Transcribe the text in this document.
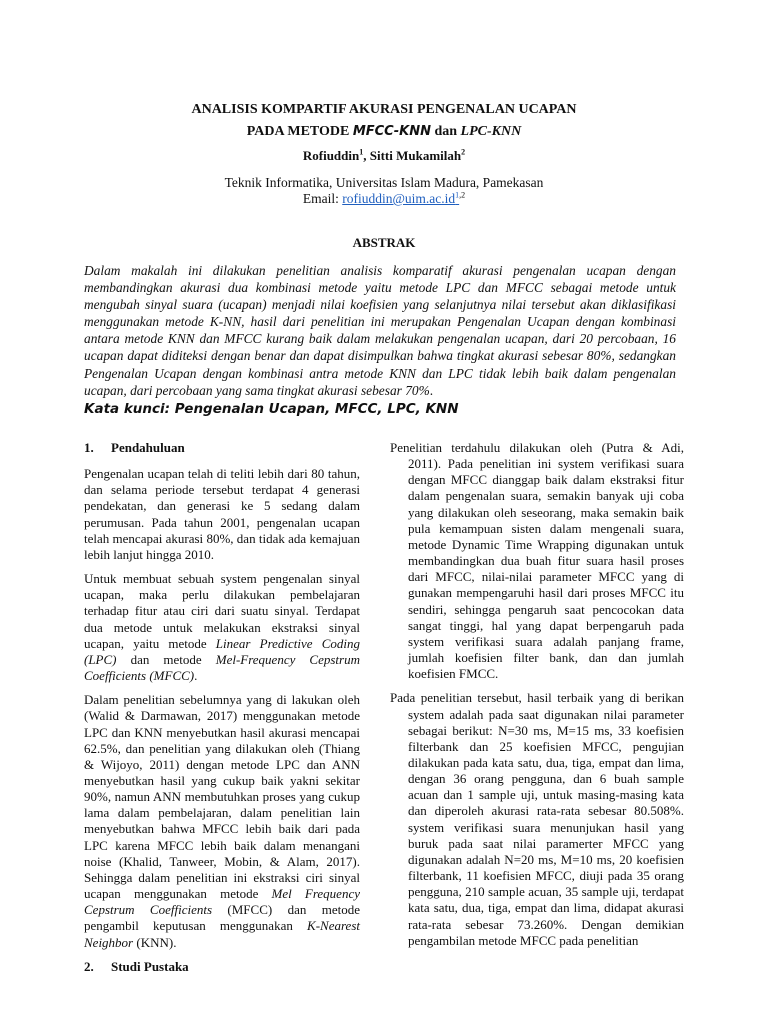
ANALISIS KOMPARTIF AKURASI PENGENALAN UCAPAN
PADA METODE MFCC-KNN dan LPC-KNN
Rofiuddin$^1$, Sitti Mukamilah$^2$
Teknik Informatika, Universitas Islam Madura, Pamekasan
Email: rofiuddin@uim.ac.id$^{1,2}$
ABSTRAK

Dalam makalah ini dilakukan penelitian analisis komparatif akurasi pengenalan ucapan dengan membandingkan akurasi dua kombinasi metode yaitu metode LPC dan MFCC sebagai metode untuk mengubah sinyal suara (ucapan) menjadi nilai koefisien yang selanjutnya nilai tersebut akan diklasifikasi menggunakan metode K-NN, hasil dari penelitian ini merupakan Pengenalan Ucapan dengan kombinasi antara metode KNN dan MFCC kurang baik dalam melakukan pengenalan ucapan, dari 20 percobaan, 16 ucapan dapat diditeksi dengan benar dan dapat disimpulkan bahwa tingkat akurasi sebesar 80%, sedangkan Pengenalan Ucapan dengan kombinasi antra metode KNN dan LPC tidak lebih baik dalam pengenalan ucapan, dari percobaan yang sama tingkat akurasi sebesar 70%.

Kata kunci: Pengenalan Ucapan, MFCC, LPC, KNN
1. Pendahuluan

Pengenalan ucapan telah di teliti lebih dari 80 tahun, dan selama periode tersebut terdapat 4 generasi pendekatan, dan generasi ke 5 sedang dalam perumusan. Pada tahun 2001, pengenalan ucapan telah mencapai akurasi 80%, dan tidak ada kemajuan lebih lanjut hingga 2010.

Untuk membuat sebuah system pengenalan sinyal ucapan, maka perlu dilakukan pembelajaran terhadap fitur atau ciri dari suatu sinyal. Terdapat dua metode untuk melakukan ekstraksi sinyal ucapan, yaitu metode Linear Predictive Coding (LPC) dan metode Mel-Frequency Cepstrum Coefficients (MFCC).

Dalam penelitian sebelumnya yang di lakukan oleh (Walid & Darmawan, 2017) menggunakan metode LPC dan KNN menyebutkan hasil akurasi mencapai 62.5%, dan penelitian yang dilakukan oleh (Thiang & Wijoyo, 2011) dengan metode LPC dan ANN menyebutkan hasil yang cukup baik yakni sekitar 90%, namun ANN membutuhkan proses yang cukup lama dalam pembelajaran, dalam penelitian lain menyebutkan bahwa MFCC lebih baik dari pada LPC karena MFCC lebih baik dalam menangani noise (Khalid, Tanweer, Mobin, & Alam, 2017). Sehingga dalam penelitian ini ekstraksi ciri sinyal ucapan menggunakan metode Mel Frequency Cepstrum Coefficients (MFCC) dan metode pengambil keputusan menggunakan K-Nearest Neighbor (KNN).

2. Studi Pustaka

Penelitian terdahulu dilakukan oleh (Putra & Adi, 2011). Pada penelitian ini system verifikasi suara dengan MFCC dianggap baik dalam ekstraksi fitur dalam pengenalan suara, semakin banyak uji coba yang dilakukan oleh seseorang, maka semakin baik pula kemampuan sisten dalam mengenali suara, metode Dynamic Time Wrapping digunakan untuk membandingkan dua buah fitur suara hasil proses dari MFCC, nilai-nilai parameter MFCC yang di gunakan mempengaruhi hasil dari proses MFCC itu sendiri, sehingga pengaruh saat pencocokan data sangat tinggi, hal yang dapat berpengaruh pada system verifikasi suara adalah panjang frame, jumlah koefisien filter bank, dan dan jumlah koefisien FMCC.

Pada penelitian tersebut, hasil terbaik yang di berikan system adalah pada saat digunakan nilai parameter sebagai berikut: N=30 ms, M=15 ms, 33 koefisien filterbank dan 25 koefisien MFCC, pengujian dilakukan pada kata satu, dua, tiga, empat dan lima, dengan 36 orang pengguna, dan 6 buah sample acuan dan 1 sample uji, untuk masing-masing kata dan diperoleh akurasi rata-rata sebesar 80.508%. system verifikasi suara menunjukan hasil yang buruk pada saat nilai paramerter MFCC yang digunakan adalah N=20 ms, M=10 ms, 20 koefisien filterbank, 11 koefisien MFCC, diuji pada 35 orang pengguna, 210 sample acuan, 35 sample uji, terdapat kata satu, dua, tiga, empat dan lima, didapat akurasi rata-rata sebesar 73.260%. Dengan demikian pengambilan metode MFCC pada penelitian
